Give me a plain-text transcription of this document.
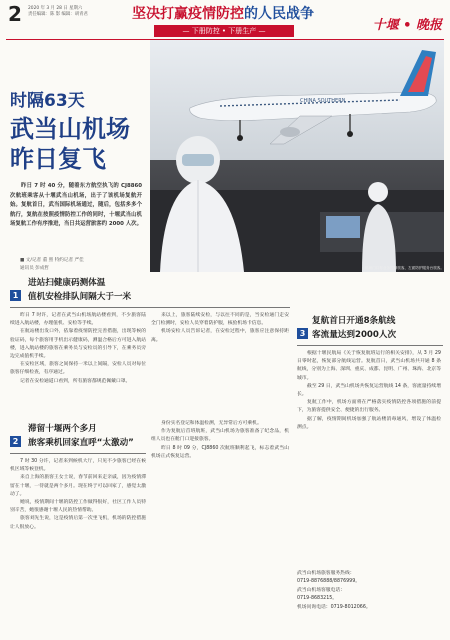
2 2020 年 3 月 28 日 星期六
责任编辑：陈 影 编辑：胡青君	坚决打赢疫情防控的人民战争
— 下册防控 • 下册生产 —	十堰 • 晚报
CHINA SOUTHERN
机场门口有业务控制旅客，左面防护服务台旅客。
时隔63天
武当山机场
昨日复飞
昨日 7 时 40 分，随着东方航空执飞的 CJ8860 次航班乘客从十堰武当山机场，出于了该机场复航开始。复航首日，武当国际机场通过，随后，包括多多个航行，复航在按照疫情防控工作的同时，十堰武当山机场复航工作有序推进，当日共运营旅客约 2000 人次。
■ 文/记者 董 照 特约记者 严佳
通讯员 彭成哲
1
进站扫健康码测体温
值机安检排队间隔大于一米

昨日 7 时许，记者在武当山机场航站楼看到，不少旅客陆续进入航站楼，办理值机、安检等手续。

在航站楼出发口外，依靠着疫情防控完善措施，出现等候的验证码，每个旅客用手机出示健康码，测温合格后方可进入航站楼，进入航站楼的旅客在乘务员与安检员的引导下，在乘务员旁边完成值机手续。

在安检区域，旅客之间保持一米以上间隔，安检人员对每位旅客仔细检查，有序通过。

记者在安检通道口看到，所有旅客都规范佩戴口罩。

来以上，旅客陆续安检，与以往不同的是，当安检通门走安全门检测时，安检人员穿着防护服，核验机场卡信息。

机场安检人员告诉记者，在安检过程中，旅客应注意保持距离。

2
滞留十堰两个多月
旅客乘机回家直呼“太激动”

7 时 30 分许，记者来到候机大厅，只见不少旅客已经在候机区域等候登机。

来自上海的旅客王女士说，春节前回来走亲戚，因为疫情滞留在十堰，一待就是两个多月。现在终于可以回家了，感觉太激动了。

她说，疫情期间十堰的防控工作做得很好，社区工作人员特别辛苦，她很感谢十堰人民的热情帮助。

旅客刘先生说，这是疫情后第一次坐飞机，机场的防控措施让人很放心。

身份实名登记和体温检测，无异常后方可乘机。

作为复航后首班航班，武当山机场为旅客准备了纪念品，机组人员也在舱门口迎接旅客。

昨日 8 时 09 分，CJ8860 次航班顺利起飞，标志着武当山机场正式恢复运营。

3
复航首日开通8条航线
客流量达到2000人次

根据十堰民航局《关于恢复航班运行的相关安排》，从 3 月 29 日零时起，恢复部分航线运营。复航首日，武当山机场共开通 8 条航线，分别为上海、深圳、重庆、成都、昆明、广州、珠海、北京等城市。

截至 29 日，武当山机场共恢复运营航线 14 条，客流量持续增长。

复航工作中，机场方面将在严格落实疫情防控各项措施的前提下，为旅客提供安全、便捷的出行服务。

据了解，疫情期间机场加强了航站楼消毒通风，增设了体温检测点。

武当山机场旅客服务热线：
0719-8876888/8876999。
武当山机场客服电话：
0719-8683215。
机场问询电话：0719-8012066。
